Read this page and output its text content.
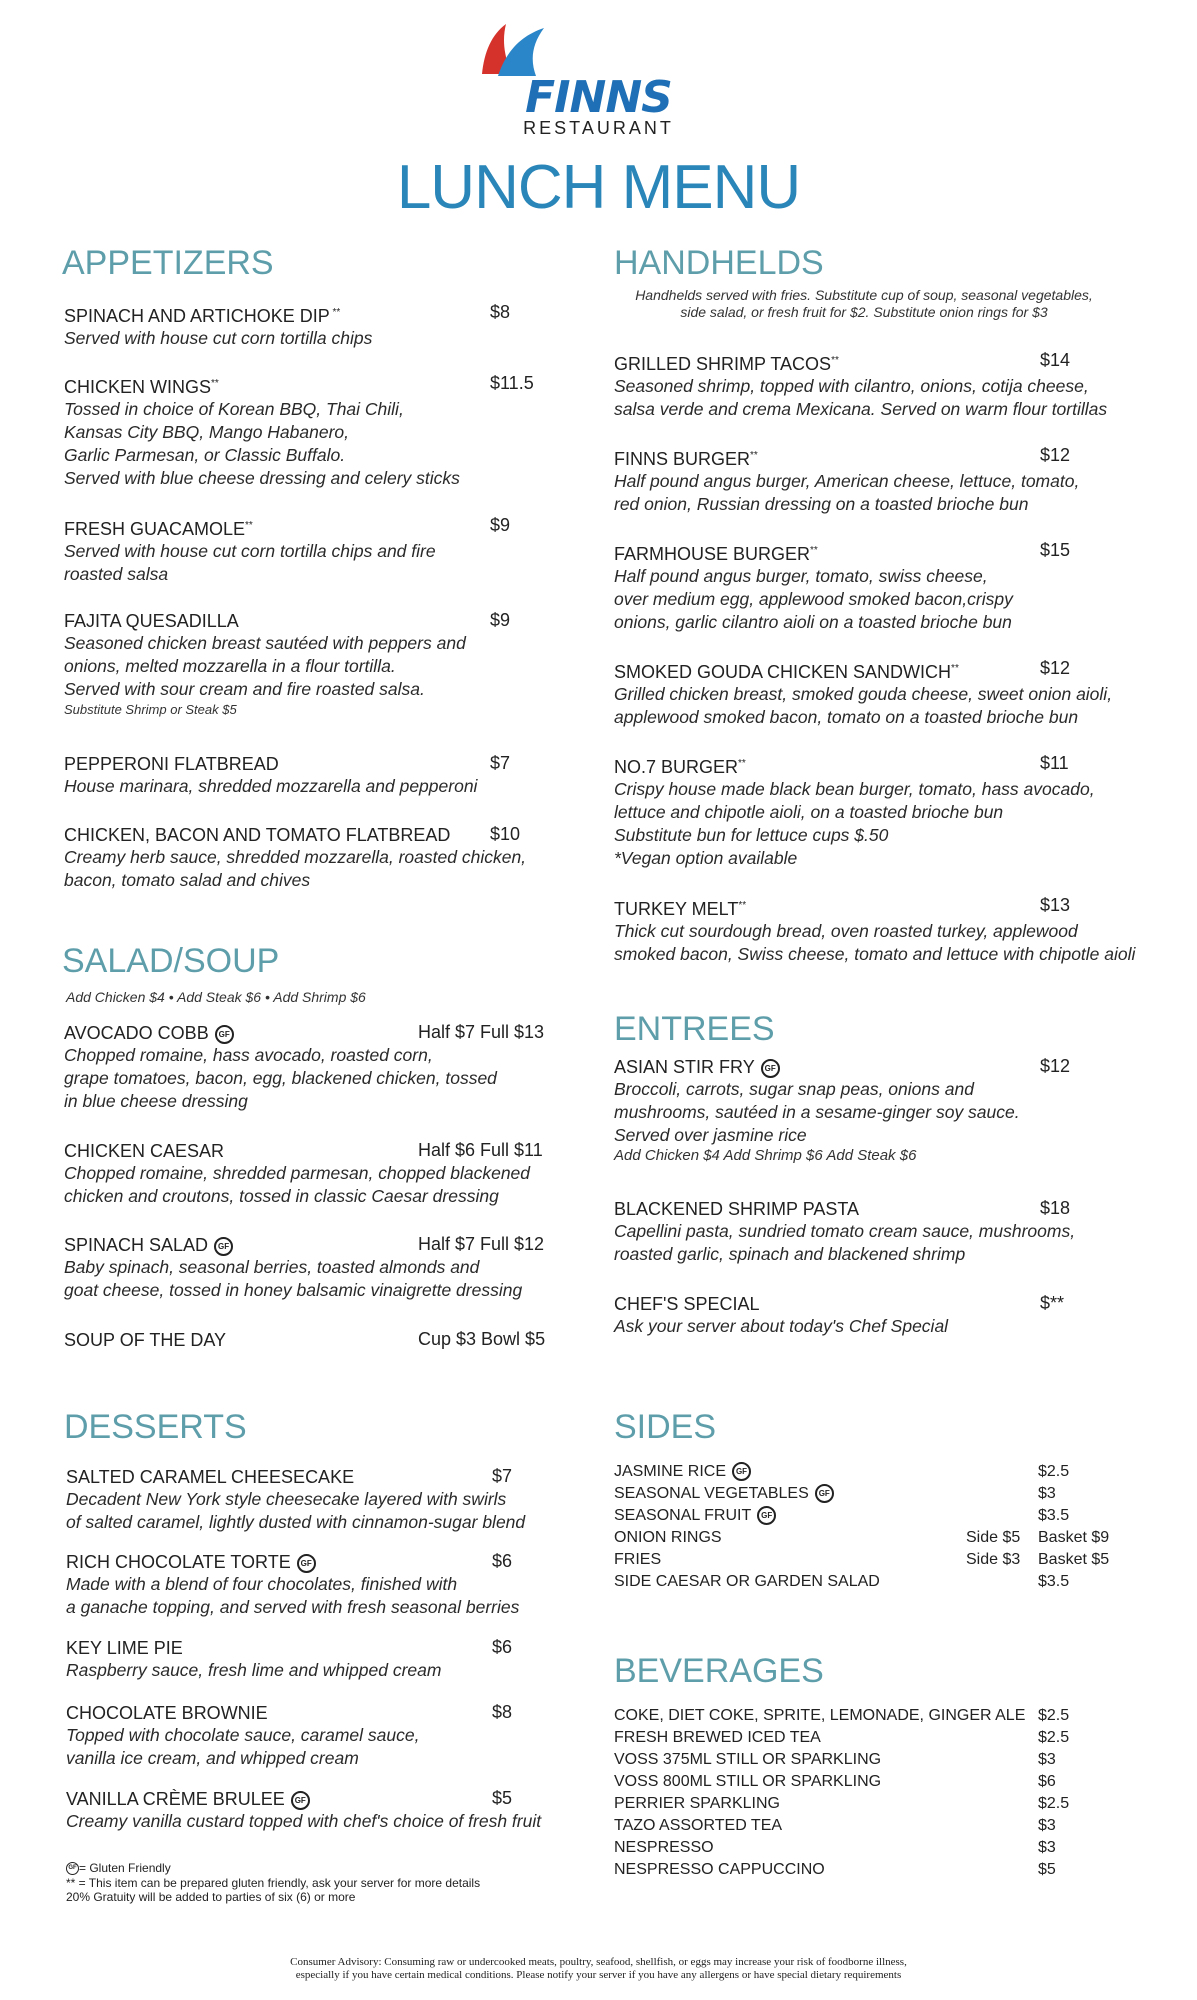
FINNS
RESTAURANT
LUNCH MENU
APPETIZERS
SPINACH AND ARTICHOKE DIP **
Served with house cut corn tortilla chips
$8
CHICKEN WINGS**
Tossed in choice of Korean BBQ, Thai Chili,
Kansas City BBQ, Mango Habanero,
Garlic Parmesan, or Classic Buffalo.
Served with blue cheese dressing and celery sticks
$11.5
FRESH GUACAMOLE**
Served with house cut corn tortilla chips and fire
roasted salsa
$9
FAJITA QUESADILLA
Seasoned chicken breast sautéed with peppers and
onions, melted mozzarella in a flour tortilla.
Served with sour cream and fire roasted salsa.
Substitute Shrimp or Steak $5
$9
PEPPERONI FLATBREAD
House marinara, shredded mozzarella and pepperoni
$7
CHICKEN, BACON AND TOMATO FLATBREAD
Creamy herb sauce, shredded mozzarella, roasted chicken,
bacon, tomato salad and chives
$10
SALAD/SOUP
Add Chicken $4 • Add Steak $6 • Add Shrimp $6
AVOCADO COBB GF
Chopped romaine, hass avocado, roasted corn,
grape tomatoes, bacon, egg, blackened chicken, tossed
in blue cheese dressing
Half $7 Full $13
CHICKEN CAESAR
Chopped romaine, shredded parmesan, chopped blackened
chicken and croutons, tossed in classic Caesar dressing
Half $6 Full $11
SPINACH SALAD GF
Baby spinach, seasonal berries, toasted almonds and
goat cheese, tossed in honey balsamic vinaigrette dressing
Half $7 Full $12
SOUP OF THE DAY	Cup $3 Bowl $5
DESSERTS
SALTED CARAMEL CHEESECAKE
Decadent New York style cheesecake layered with swirls
of salted caramel, lightly dusted with cinnamon-sugar blend
$7
RICH CHOCOLATE TORTE GF
Made with a blend of four chocolates, finished with
a ganache topping, and served with fresh seasonal berries
$6
KEY LIME PIE
Raspberry sauce, fresh lime and whipped cream
$6
CHOCOLATE BROWNIE
Topped with chocolate sauce, caramel sauce,
vanilla ice cream, and whipped cream
$8
VANILLA CRÈME BRULEE GF
Creamy vanilla custard topped with chef's choice of fresh fruit
$5
GF = Gluten Friendly
** = This item can be prepared gluten friendly, ask your server for more details
20% Gratuity will be added to parties of six (6) or more
HANDHELDS
Handhelds served with fries. Substitute cup of soup, seasonal vegetables,
side salad, or fresh fruit for $2. Substitute onion rings for $3
GRILLED SHRIMP TACOS**
Seasoned shrimp, topped with cilantro, onions, cotija cheese,
salsa verde and crema Mexicana. Served on warm flour tortillas
$14
FINNS BURGER**
Half pound angus burger, American cheese, lettuce, tomato,
red onion, Russian dressing on a toasted brioche bun
$12
FARMHOUSE BURGER**
Half pound angus burger, tomato, swiss cheese,
over medium egg, applewood smoked bacon,crispy
onions, garlic cilantro aioli on a toasted brioche bun
$15
SMOKED GOUDA CHICKEN SANDWICH**
Grilled chicken breast, smoked gouda cheese, sweet onion aioli,
applewood smoked bacon, tomato on a toasted brioche bun
$12
NO.7 BURGER**
Crispy house made black bean burger, tomato, hass avocado,
lettuce and chipotle aioli, on a toasted brioche bun
Substitute bun for lettuce cups $.50
*Vegan option available
$11
TURKEY MELT**
Thick cut sourdough bread, oven roasted turkey, applewood
smoked bacon, Swiss cheese, tomato and lettuce with chipotle aioli
$13
ENTREES
ASIAN STIR FRY GF
Broccoli, carrots, sugar snap peas, onions and
mushrooms, sautéed in a sesame-ginger soy sauce.
Served over jasmine rice
Add Chicken $4 Add Shrimp $6 Add Steak $6
$12
BLACKENED SHRIMP PASTA
Capellini pasta, sundried tomato cream sauce, mushrooms,
roasted garlic, spinach and blackened shrimp
$18
CHEF'S SPECIAL
Ask your server about today's Chef Special
$**
SIDES
JASMINE RICE GF	$2.5
SEASONAL VEGETABLES GF	$3
SEASONAL FRUIT GF	$3.5
ONION RINGS	Side $5 Basket $9
FRIES	Side $3 Basket $5
SIDE CAESAR OR GARDEN SALAD	$3.5
BEVERAGES
COKE, DIET COKE, SPRITE, LEMONADE, GINGER ALE $2.5
FRESH BREWED ICED TEA	$2.5
VOSS 375ML STILL OR SPARKLING	$3
VOSS 800ML STILL OR SPARKLING	$6
PERRIER SPARKLING	$2.5
TAZO ASSORTED TEA	$3
NESPRESSO	$3
NESPRESSO CAPPUCCINO	$5
Consumer Advisory: Consuming raw or undercooked meats, poultry, seafood, shellfish, or eggs may increase your risk of foodborne illness,
especially if you have certain medical conditions. Please notify your server if you have any allergens or have special dietary requirements
